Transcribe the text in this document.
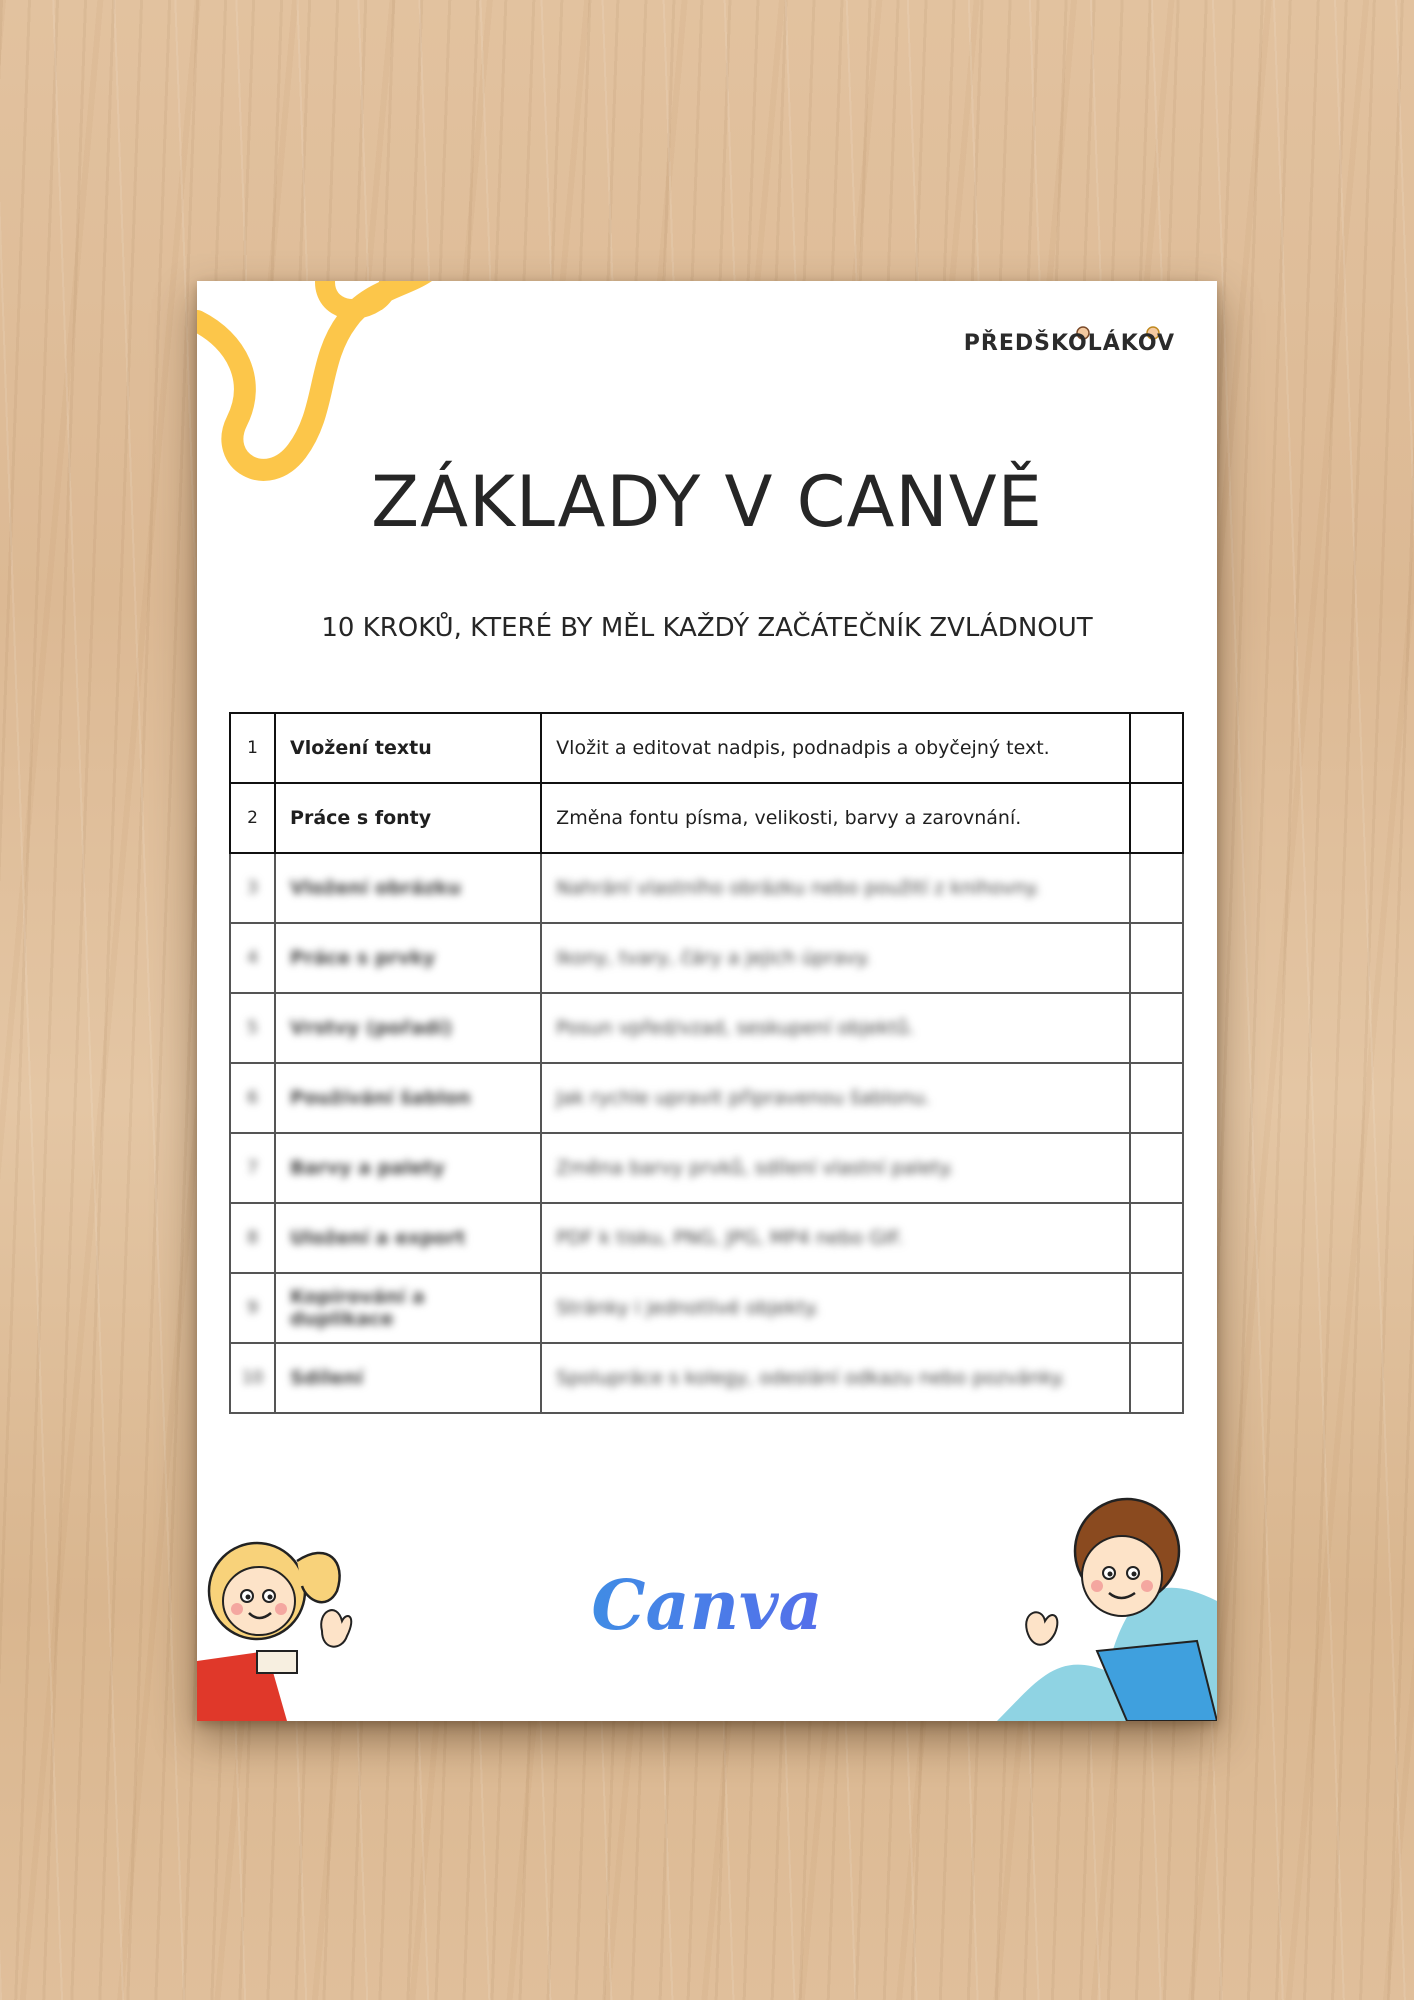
PŘEDŠKOLÁKOV
ZÁKLADY V CANVĚ
10 KROKŮ, KTERÉ BY MĚL KAŽDÝ ZAČÁTEČNÍK ZVLÁDNOUT
1	Vložení textu	Vložit a editovat nadpis, podnadpis a obyčejný text.	
2	Práce s fonty	Změna fontu písma, velikosti, barvy a zarovnání.	
3	Vložení obrázku	Nahrání vlastního obrázku nebo použití z knihovny.	
4	Práce s prvky	Ikony, tvary, čáry a jejich úpravy.	
5	Vrstvy (pořadí)	Posun vpřed/vzad, seskupení objektů.	
6	Používání šablon	Jak rychle upravit připravenou šablonu.	
7	Barvy a palety	Změna barvy prvků, sdílení vlastní palety.	
8	Uložení a export	PDF k tisku, PNG, JPG, MP4 nebo GIF.	
9	Kopírování a duplikace	Stránky i jednotlivé objekty.	
10	Sdílení	Spolupráce s kolegy, odeslání odkazu nebo pozvánky.	
Canva
